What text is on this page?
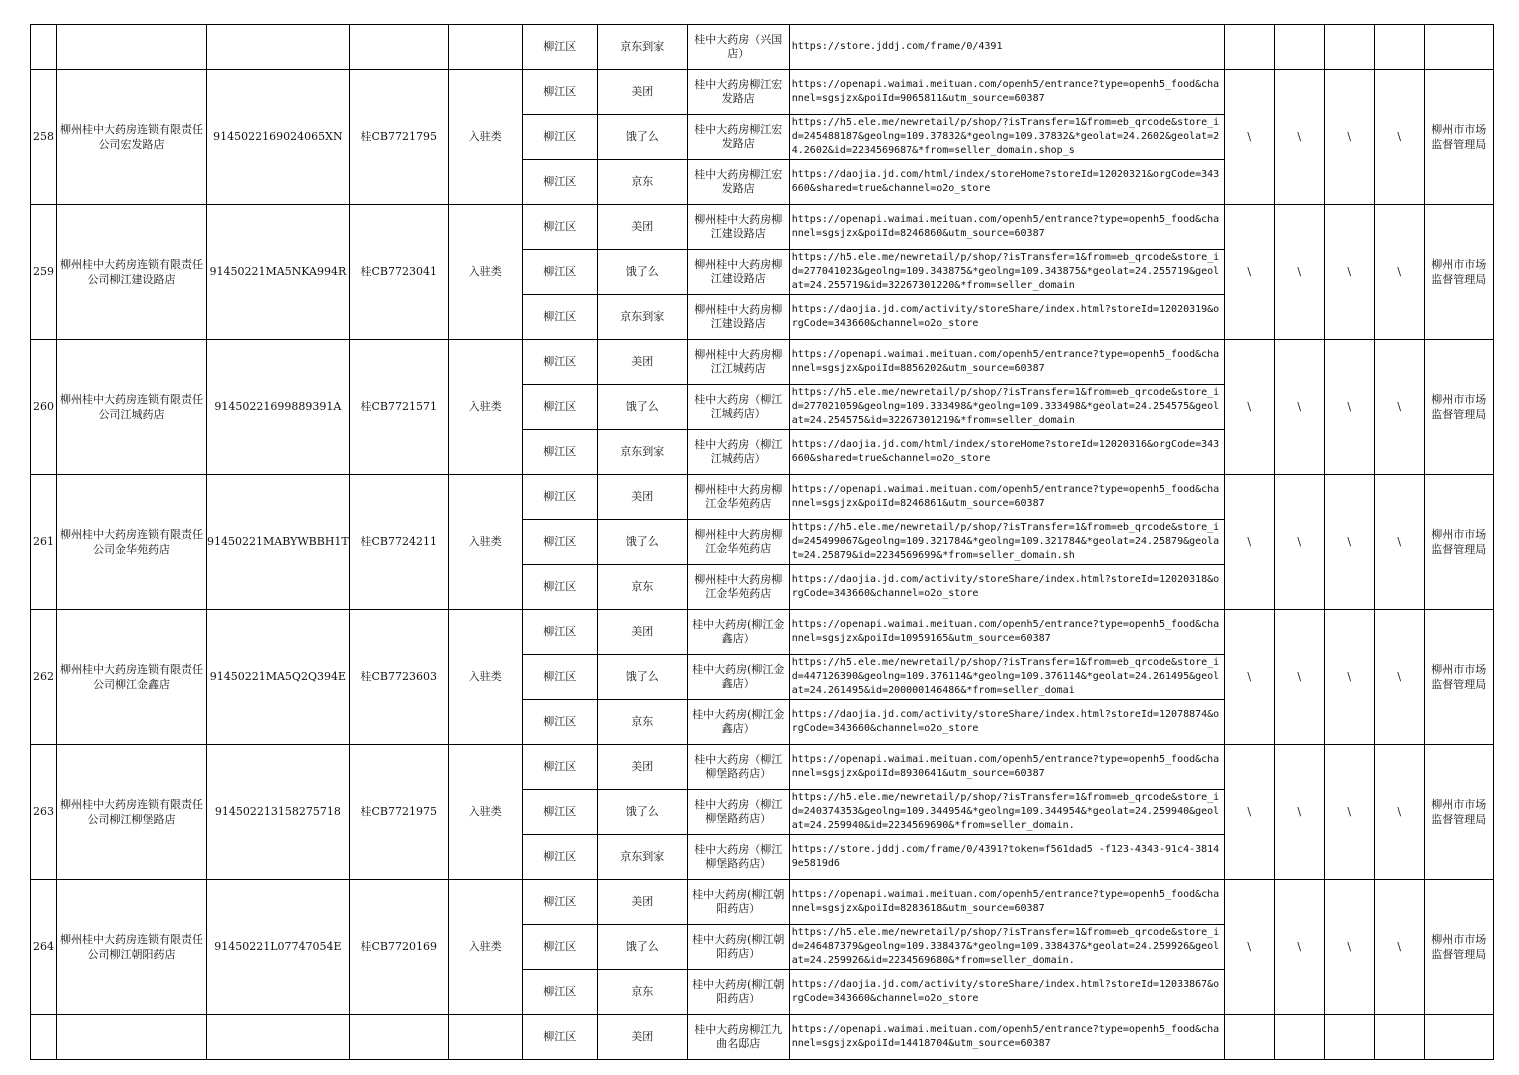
					柳江区	京东到家	桂中大药房（兴国店）	https://store.jddj.com/frame/0/4391					

258	柳州桂中大药房连锁有限责任公司宏发路店	9145022169024065XN	桂CB7721795	入驻类	柳江区	美团	桂中大药房柳江宏发路店	https://openapi.waimai.meituan.com/openh5/entrance?type=openh5_food&channel=sgsjzx&poiId=9065811&utm_source=60387	\	\	\	\	柳州市市场监督管理局
					柳江区	饿了么	桂中大药房柳江宏发路店	https://h5.ele.me/newretail/p/shop/?isTransfer=1&from=eb_qrcode&store_id=245488187&geolng=109.37832&*geolng=109.37832&*geolat=24.2602&geolat=24.2602&id=2234569687&*from=seller_domain.shop_s					

					柳江区	京东	桂中大药房柳江宏发路店	https://daojia.jd.com/html/index/storeHome?storeId=12020321&orgCode=343660&shared=true&channel=o2o_store					

259	柳州桂中大药房连锁有限责任公司柳江建设路店	91450221MA5NKA994R	桂CB7723041	入驻类	柳江区	美团	柳州桂中大药房柳江建设路店	https://openapi.waimai.meituan.com/openh5/entrance?type=openh5_food&channel=sgsjzx&poiId=8246860&utm_source=60387	\	\	\	\	柳州市市场监督管理局
					柳江区	饿了么	柳州桂中大药房柳江建设路店	https://h5.ele.me/newretail/p/shop/?isTransfer=1&from=eb_qrcode&store_id=277041023&geolng=109.343875&*geolng=109.343875&*geolat=24.255719&geolat=24.255719&id=32267301220&*from=seller_domain					

					柳江区	京东到家	柳州桂中大药房柳江建设路店	https://daojia.jd.com/activity/storeShare/index.html?storeId=12020319&orgCode=343660&channel=o2o_store					

260	柳州桂中大药房连锁有限责任公司江城药店	91450221699889391A	桂CB7721571	入驻类	柳江区	美团	柳州桂中大药房柳江江城药店	https://openapi.waimai.meituan.com/openh5/entrance?type=openh5_food&channel=sgsjzx&poiId=8856202&utm_source=60387	\	\	\	\	柳州市市场监督管理局
					柳江区	饿了么	桂中大药房（柳江江城药店）	https://h5.ele.me/newretail/p/shop/?isTransfer=1&from=eb_qrcode&store_id=277021059&geolng=109.333498&*geolng=109.333498&*geolat=24.254575&geolat=24.254575&id=32267301219&*from=seller_domain					

					柳江区	京东到家	桂中大药房（柳江江城药店）	https://daojia.jd.com/html/index/storeHome?storeId=12020316&orgCode=343660&shared=true&channel=o2o_store					

261	柳州桂中大药房连锁有限责任公司金华苑药店	91450221MABYWBBH1T	桂CB7724211	入驻类	柳江区	美团	柳州桂中大药房柳江金华苑药店	https://openapi.waimai.meituan.com/openh5/entrance?type=openh5_food&channel=sgsjzx&poiId=8246861&utm_source=60387	\	\	\	\	柳州市市场监督管理局
					柳江区	饿了么	柳州桂中大药房柳江金华苑药店	https://h5.ele.me/newretail/p/shop/?isTransfer=1&from=eb_qrcode&store_id=245499067&geolng=109.321784&*geolng=109.321784&*geolat=24.25879&geolat=24.25879&id=2234569699&*from=seller_domain.sh					

					柳江区	京东	柳州桂中大药房柳江金华苑药店	https://daojia.jd.com/activity/storeShare/index.html?storeId=12020318&orgCode=343660&channel=o2o_store					

262	柳州桂中大药房连锁有限责任公司柳江金鑫店	91450221MA5Q2Q394E	桂CB7723603	入驻类	柳江区	美团	桂中大药房(柳江金鑫店）	https://openapi.waimai.meituan.com/openh5/entrance?type=openh5_food&channel=sgsjzx&poiId=10959165&utm_source=60387	\	\	\	\	柳州市市场监督管理局
					柳江区	饿了么	桂中大药房(柳江金鑫店）	https://h5.ele.me/newretail/p/shop/?isTransfer=1&from=eb_qrcode&store_id=447126390&geolng=109.376114&*geolng=109.376114&*geolat=24.261495&geolat=24.261495&id=200000146486&*from=seller_domai					

					柳江区	京东	桂中大药房(柳江金鑫店）	https://daojia.jd.com/activity/storeShare/index.html?storeId=12078874&orgCode=343660&channel=o2o_store					

263	柳州桂中大药房连锁有限责任公司柳江柳堡路店	914502213158275718	桂CB7721975	入驻类	柳江区	美团	桂中大药房（柳江柳堡路药店）	https://openapi.waimai.meituan.com/openh5/entrance?type=openh5_food&channel=sgsjzx&poiId=8930641&utm_source=60387	\	\	\	\	柳州市市场监督管理局
					柳江区	饿了么	桂中大药房（柳江柳堡路药店）	https://h5.ele.me/newretail/p/shop/?isTransfer=1&from=eb_qrcode&store_id=240374353&geolng=109.344954&*geolng=109.344954&*geolat=24.259940&geolat=24.259940&id=2234569690&*from=seller_domain.					

					柳江区	京东到家	桂中大药房（柳江柳堡路药店）	https://store.jddj.com/frame/0/4391?token=f561dad5 -f123-4343-91c4-38149e5819d6					

264	柳州桂中大药房连锁有限责任公司柳江朝阳药店	91450221L07747054E	桂CB7720169	入驻类	柳江区	美团	桂中大药房(柳江朝阳药店）	https://openapi.waimai.meituan.com/openh5/entrance?type=openh5_food&channel=sgsjzx&poiId=8283618&utm_source=60387	\	\	\	\	柳州市市场监督管理局
					柳江区	饿了么	桂中大药房(柳江朝阳药店）	https://h5.ele.me/newretail/p/shop/?isTransfer=1&from=eb_qrcode&store_id=246487379&geolng=109.338437&*geolng=109.338437&*geolat=24.259926&geolat=24.259926&id=2234569680&*from=seller_domain.					

					柳江区	京东	桂中大药房(柳江朝阳药店）	https://daojia.jd.com/activity/storeShare/index.html?storeId=12033867&orgCode=343660&channel=o2o_store					

					柳江区	美团	桂中大药房柳江九曲名邸店	https://openapi.waimai.meituan.com/openh5/entrance?type=openh5_food&channel=sgsjzx&poiId=14418704&utm_source=60387					
